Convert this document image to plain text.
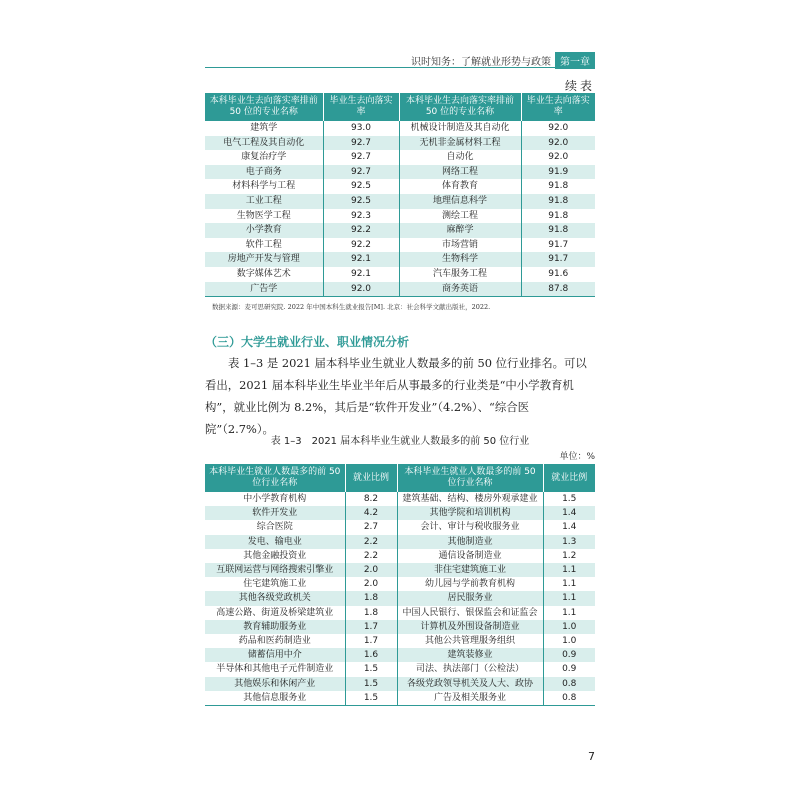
识时知务：了解就业形势与政策 第一章
续表
本科毕业生去向落实率排前 50 位的专业名称	毕业生去向落实率	本科毕业生去向落实率排前 50 位的专业名称	毕业生去向落实率
建筑学	93.0	机械设计制造及其自动化	92.0
电气工程及其自动化	92.7	无机非金属材料工程	92.0
康复治疗学	92.7	自动化	92.0
电子商务	92.7	网络工程	91.9
材料科学与工程	92.5	体育教育	91.8
工业工程	92.5	地理信息科学	91.8
生物医学工程	92.3	测绘工程	91.8
小学教育	92.2	麻醉学	91.8
软件工程	92.2	市场营销	91.7
房地产开发与管理	92.1	生物科学	91.7
数字媒体艺术	92.1	汽车服务工程	91.6
广告学	92.0	商务英语	87.8
数据来源：麦可思研究院. 2022 年中国本科生就业报告[M]. 北京：社会科学文献出版社，2022.
（三）大学生就业行业、职业情况分析
表 1–3 是 2021 届本科毕业生就业人数最多的前 50 位行业排名。可以看出，2021 届本科毕业生毕业半年后从事最多的行业类是“中小学教育机构”，就业比例为 8.2%，其后是“软件开发业”（4.2%）、“综合医院”（2.7%）。
表 1–3　2021 届本科毕业生就业人数最多的前 50 位行业
单位：%
本科毕业生就业人数最多的前 50 位行业名称	就业比例	本科毕业生就业人数最多的前 50 位行业名称	就业比例
中小学教育机构	8.2	建筑基础、结构、楼房外观承建业	1.5
软件开发业	4.2	其他学院和培训机构	1.4
综合医院	2.7	会计、审计与税收服务业	1.4
发电、输电业	2.2	其他制造业	1.3
其他金融投资业	2.2	通信设备制造业	1.2
互联网运营与网络搜索引擎业	2.0	非住宅建筑施工业	1.1
住宅建筑施工业	2.0	幼儿园与学前教育机构	1.1
其他各级党政机关	1.8	居民服务业	1.1
高速公路、街道及桥梁建筑业	1.8	中国人民银行、银保监会和证监会	1.1
教育辅助服务业	1.7	计算机及外围设备制造业	1.0
药品和医药制造业	1.7	其他公共管理服务组织	1.0
储蓄信用中介	1.6	建筑装修业	0.9
半导体和其他电子元件制造业	1.5	司法、执法部门（公检法）	0.9
其他娱乐和休闲产业	1.5	各级党政领导机关及人大、政协	0.8
其他信息服务业	1.5	广告及相关服务业	0.8
7
